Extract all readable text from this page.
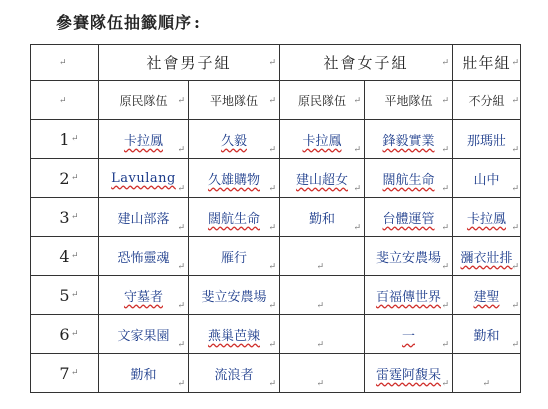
參賽隊伍抽籤順序 :
↵	社會男子組 ↵		社會女子組 ↵		壯年組 ↵

↵	原民隊伍 ↵	平地隊伍 ↵	原民隊伍 ↵	平地隊伍 ↵	不分組 ↵

1 ↵	卡拉鳳
↵	久毅
↵	卡拉鳳
↵	鋒毅實業
↵	那瑪壯
↵

2 ↵	Lavulang
↵	久雄購物
↵	建山超女
↵	闊航生命
↵	山中
↵

3 ↵	建山部落
↵	闊航生命
↵	勤和
↵	台體運管
↵	卡拉鳳
↵

4 ↵	恐怖靈魂
↵	雁行
↵	↵	斐立安農場
↵	瀰衣壯排
↵

5 ↵	守墓者
↵	斐立安農場
↵	↵	百福傳世界
↵	建聖
↵

6 ↵	文家果園
↵	燕巢芭辣
↵	↵	一
↵	勤和
↵

7 ↵	勤和
↵	流浪者
↵	↵	雷霆阿馥呆
↵	↵
